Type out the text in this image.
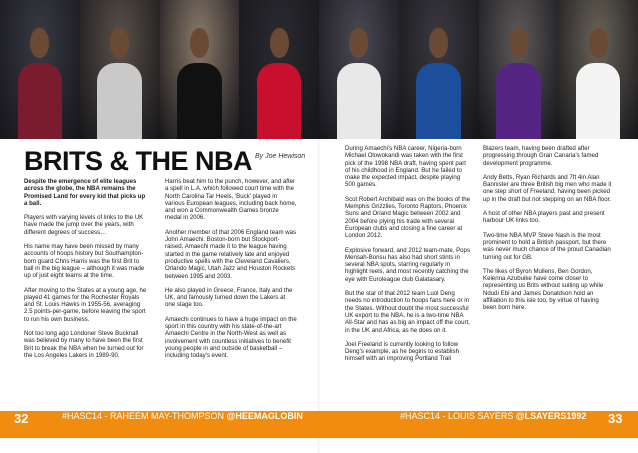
BRITS & THE NBA By Joe Hewison

Despite the emergence of elite leagues across the globe, the NBA remains the Promised Land for every kid that picks up a ball.

Players with varying levels of links to the UK have made the jump over the years, with different degrees of success…

His name may have been missed by many accounts of hoops history but Southampton-born guard Chris Harris was the first Brit to ball in the big league – although it was made up of just eight teams at the time.

After moving to the States at a young age, he played 41 games for the Rochester Royals and St. Louis Hawks in 1955-56, averaging 2.5 points-per-game, before leaving the sport to run his own business.

Not too long ago Londoner Steve Bucknall was believed by many to have been the first Brit to break the NBA when he turned out for the Los Angeles Lakers in 1989-90.

Harris beat him to the punch, however, and after a spell in L.A. which followed court time with the North Carolina Tar Heels, 'Buck' played in various European leagues, including back home, and won a Commonwealth Games bronze medal in 2006.

Another member of that 2006 England team was John Amaechi. Boston-born but Stockport-raised, Amaechi made it to the league having started in the game relatively late and enjoyed productive spells with the Cleveland Cavaliers, Orlando Magic, Utah Jazz and Houston Rockets between 1995 and 2003.

He also played in Greece, France, Italy and the UK, and famously turned down the Lakers at one stage too.

Amaechi continues to have a huge impact on the sport in this country with his state-of-the-art Amaechi Centre in the North-West as well as involvement with countless initiatives to benefit young people in and outside of basketball – including today's event.

During Amaechi's NBA career, Nigeria-born Michael Olowokandi was taken with the first pick of the 1998 NBA draft, having spent part of his childhood in England. But he failed to make the expected impact, despite playing 500 games.

Scot Robert Archibald was on the books of the Memphis Grizzlies, Toronto Raptors, Phoenix Suns and Orland Magic between 2002 and 2004 before plying his trade with several European clubs and closing a fine career at London 2012.

Explosive forward, and 2012 team-mate, Pops Mensah-Bonsu has also had short stints in several NBA spots, starring regularly in highlight reels, and most recently catching the eye with Euroleague club Galatasary.

But the star of that 2012 team Luol Deng needs no introduction to hoops fans here or in the States. Without doubt the most successful UK export to the NBA, he is a two-time NBA All-Star and has as big an impact off the court, in the UK and Africa, as he does on it.

Joel Freeland is currently looking to follow Deng's example, as he begins to establish himself with an improving Portland Trail

Blazers team, having been drafted after progressing through Gran Canaria's famed development programme.

Andy Betts, Ryan Richards and 7ft 4in Alan Bannister are three British big men who made it one step short of Freeland, having been picked up in the draft but not stepping on an NBA floor.

A host of other NBA players past and present harbour UK links too.

Two-time NBA MVP Steve Nash is the most prominent to hold a British passport, but there was never much chance of the proud Canadian turning out for GB.

The likes of Byron Mullens, Ben Gordon, Kelenna Azubuike have come closer to representing us Brits without suiting up while Ndudi Ebi and James Donaldson hold an affiliation to this isle too, by virtue of having been born here.

32	#HASC14 - RAHEEM MAY-THOMPSON @HEEMAGLOBIN	#HASC14 - LOUIS SAYERS @LSAYERS1992 33
